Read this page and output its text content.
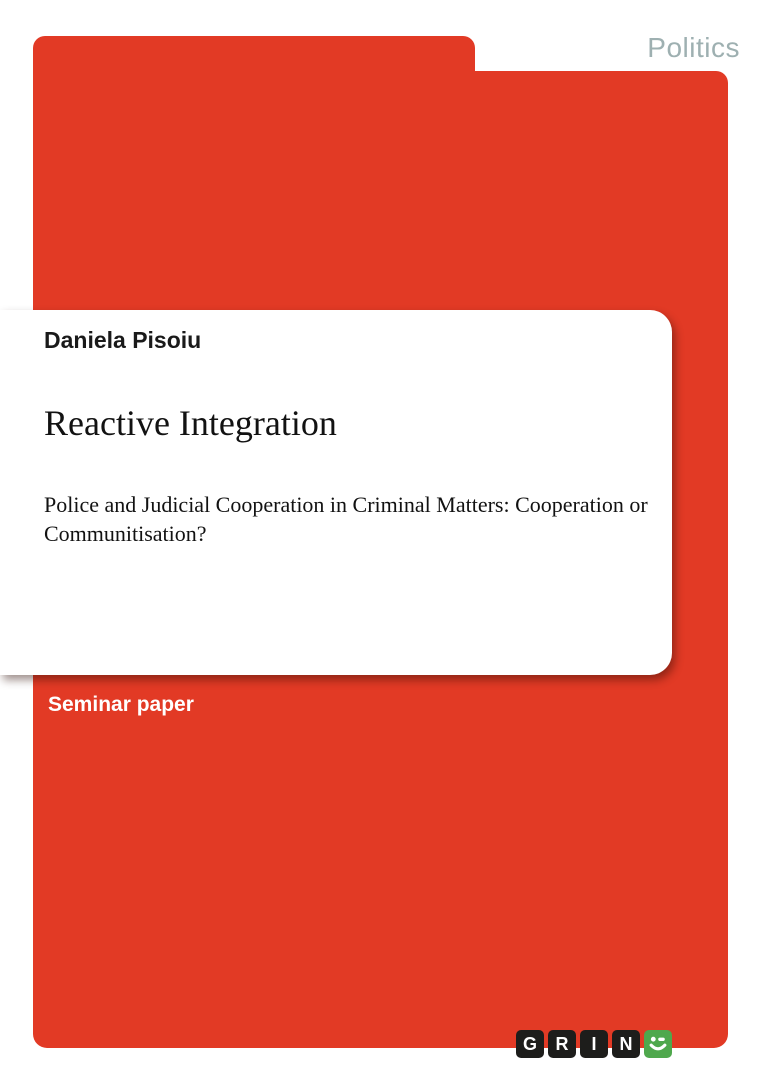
Politics
Daniela Pisoiu
Reactive Integration
Police and Judicial Cooperation in Criminal Matters: Cooperation or Communitisation?
Seminar paper
G R I N
